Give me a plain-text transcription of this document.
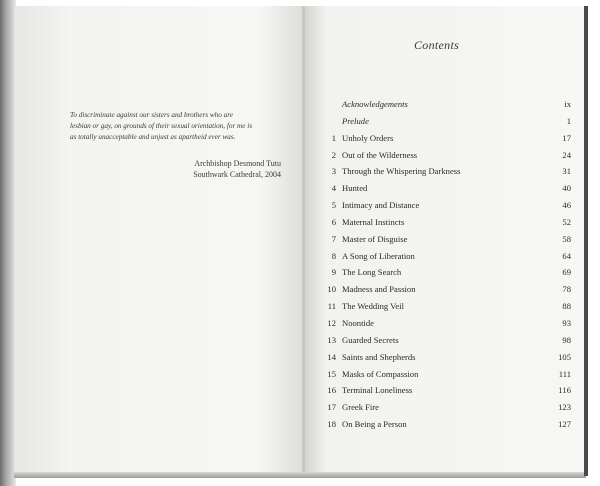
To discriminate against our sisters and brothers who are
lesbian or gay, on grounds of their sexual orientation, for me is
as totally unacceptable and unjust as apartheid ever was.
Archbishop Desmond Tutu
Southwark Cathedral, 2004
Contents
Acknowledgements	ix
Prelude	1
1 Unholy Orders	17
2 Out of the Wilderness	24
3 Through the Whispering Darkness	31
4 Hunted	40
5 Intimacy and Distance	46
6 Maternal Instincts	52
7 Master of Disguise	58
8 A Song of Liberation	64
9 The Long Search	69
10 Madness and Passion	78
11 The Wedding Veil	88
12 Noontide	93
13 Guarded Secrets	98
14 Saints and Shepherds	105
15 Masks of Compassion	111
16 Terminal Loneliness	116
17 Greek Fire	123
18 On Being a Person	127
